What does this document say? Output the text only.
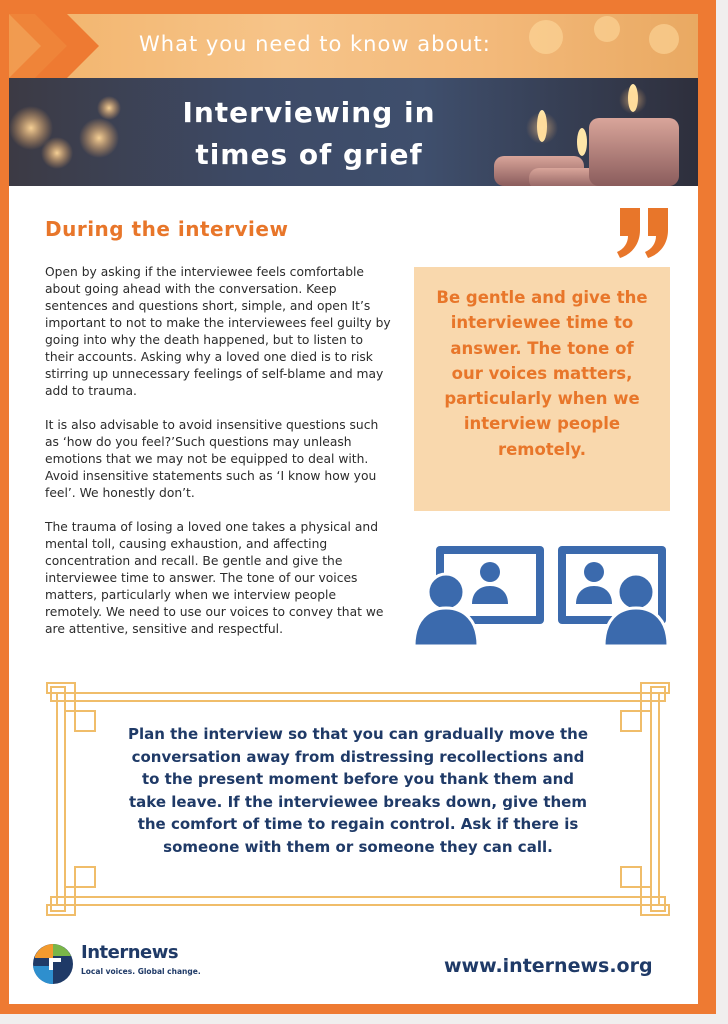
What you need to know about:
Interviewing in
times of grief
During the interview

Open by asking if the interviewee feels comfortable about going ahead with the conversation. Keep sentences and questions short, simple, and open It’s important to not to make the interviewees feel guilty by going into why the death happened, but to listen to their accounts. Asking why a loved one died is to risk stirring up unnecessary feelings of self-blame and may add to trauma.

It is also advisable to avoid insensitive questions such as ‘how do you feel?’Such questions may unleash emotions that we may not be equipped to deal with. Avoid insensitive statements such as ‘I know how you feel’. We honestly don’t.

The trauma of losing a loved one takes a physical and mental toll, causing exhaustion, and affecting concentration and recall. Be gentle and give the interviewee time to answer. The tone of our voices matters, particularly when we interview people remotely. We need to use our voices to convey that we are attentive, sensitive and respectful.

Be gentle and give the interviewee time to answer. The tone of our voices matters, particularly when we interview people remotely.
Plan the interview so that you can gradually move the conversation away from distressing recollections and to the present moment before you thank them and take leave. If the interviewee breaks down, give them the comfort of time to regain control. Ask if there is someone with them or someone they can call.
Internews
Local voices. Global change.	www.internews.org
